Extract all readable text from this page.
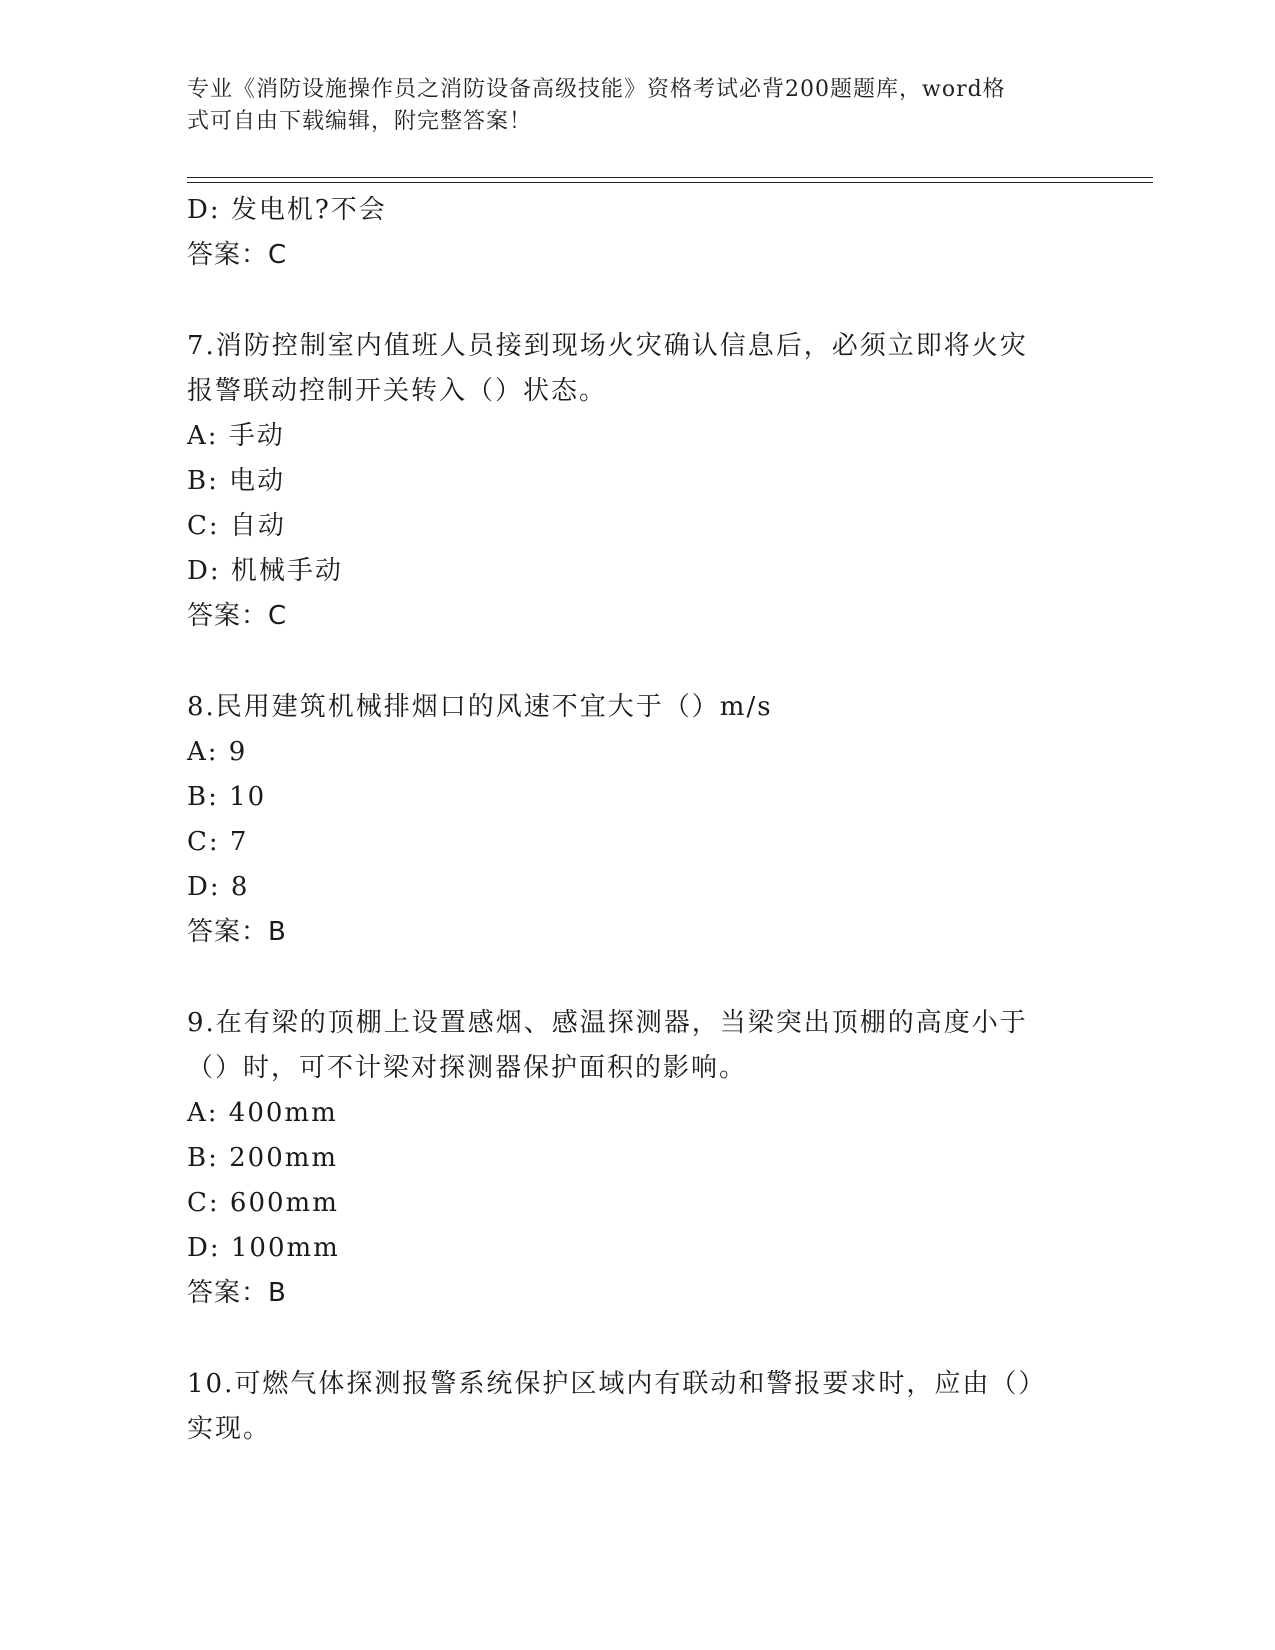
专业《消防设施操作员之消防设备高级技能》资格考试必背200题题库，word格
式可自由下载编辑，附完整答案！
D: 发电机?不会
答案：C
7.消防控制室内值班人员接到现场火灾确认信息后，必须立即将火灾
报警联动控制开关转入（）状态。
A: 手动
B: 电动
C: 自动
D: 机械手动
答案：C
8.民用建筑机械排烟口的风速不宜大于（）m/s
A: 9
B: 10
C: 7
D: 8
答案：B
9.在有梁的顶棚上设置感烟、感温探测器，当梁突出顶棚的高度小于
（）时，可不计梁对探测器保护面积的影响。
A: 400mm
B: 200mm
C: 600mm
D: 100mm
答案：B
10.可燃气体探测报警系统保护区域内有联动和警报要求时，应由（）
实现。
